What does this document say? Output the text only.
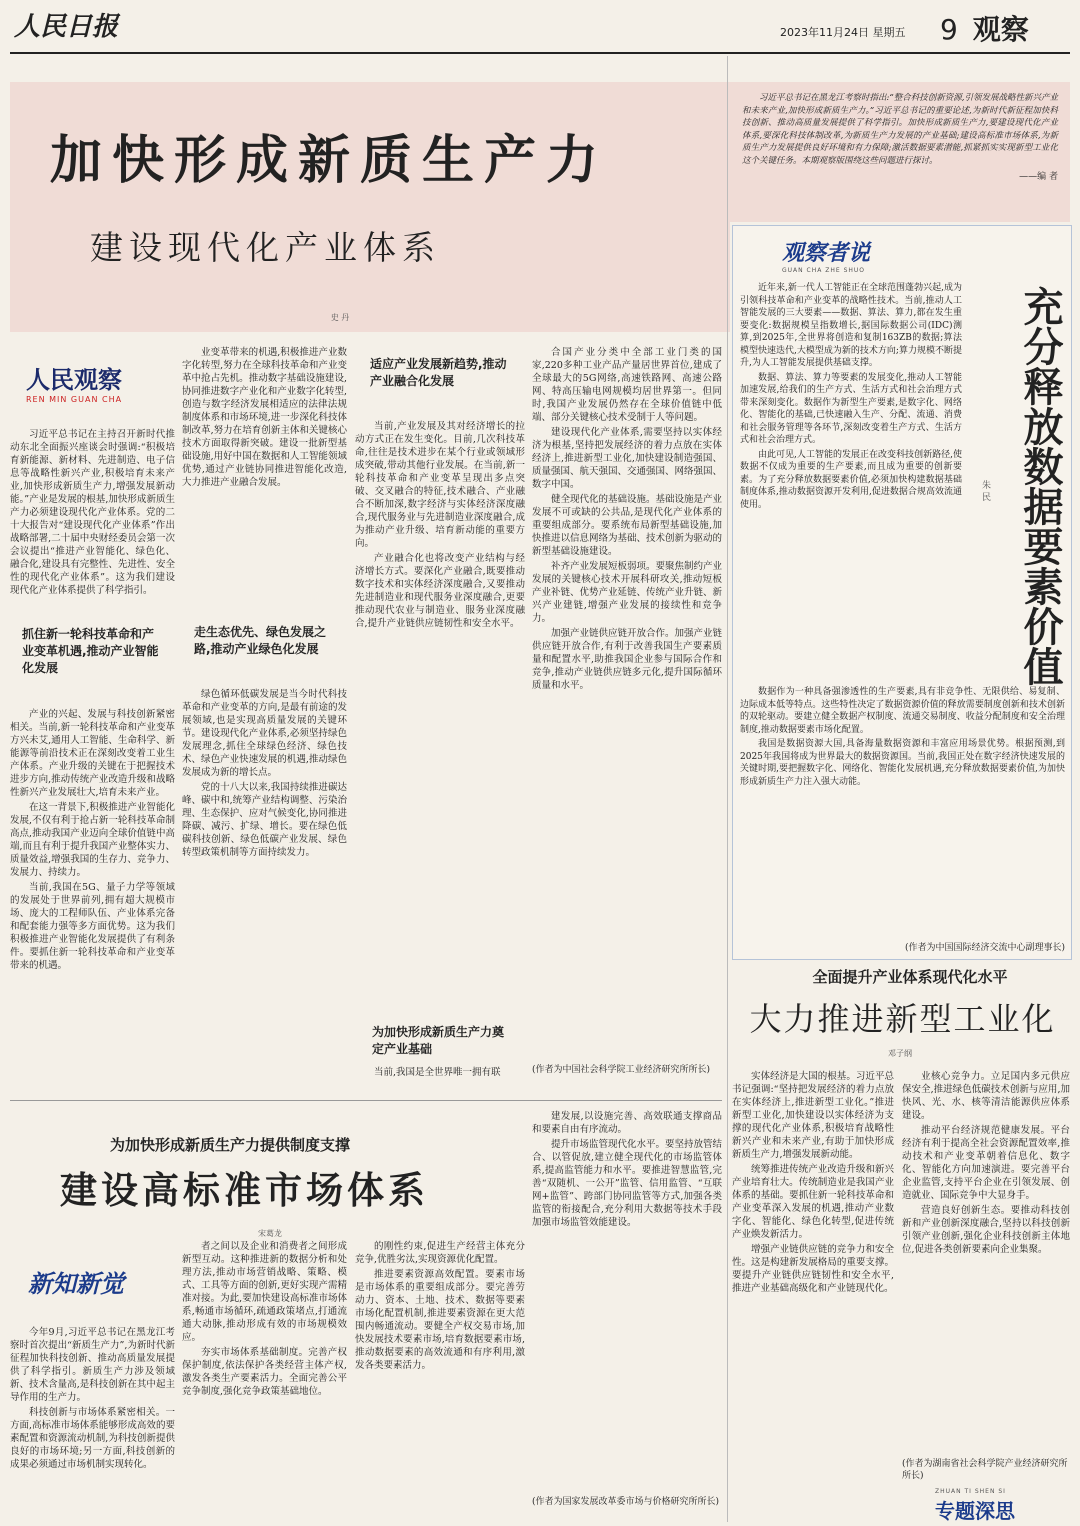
人民日报	2023年11月24日 星期五	9 观察
加快形成新质生产力

习近平总书记在黑龙江考察时指出:“整合科技创新资源,引领发展战略性新兴产业和未来产业,加快形成新质生产力。”习近平总书记的重要论述,为新时代新征程加快科技创新、推动高质量发展提供了科学指引。加快形成新质生产力,要建设现代化产业体系,要深化科技体制改革,为新质生产力发展的产业基础;建设高标准市场体系,为新质生产力发展提供良好环境和有力保障;激活数据要素潜能,抓紧抓实实现新型工业化这个关键任务。本期观察版围绕这些问题进行探讨。

——编 者
建设现代化产业体系
史 丹
人民观察
REN MIN GUAN CHA

习近平总书记在主持召开新时代推动东北全面振兴座谈会时强调:“积极培育新能源、新材料、先进制造、电子信息等战略性新兴产业,积极培育未来产业,加快形成新质生产力,增强发展新动能。”产业是发展的根基,加快形成新质生产力必须建设现代化产业体系。党的二十大报告对“建设现代化产业体系”作出战略部署,二十届中央财经委员会第一次会议提出“推进产业智能化、绿色化、融合化,建设具有完整性、先进性、安全性的现代化产业体系”。这为我们建设现代化产业体系提供了科学指引。

抓住新一轮科技革命和产业变革机遇,推动产业智能化发展

产业的兴起、发展与科技创新紧密相关。当前,新一轮科技革命和产业变革方兴未艾,通用人工智能、生命科学、新能源等前沿技术正在深刻改变着工业生产体系。产业升级的关键在于把握技术进步方向,推动传统产业改造升级和战略性新兴产业发展壮大,培育未来产业。

在这一背景下,积极推进产业智能化发展,不仅有利于抢占新一轮科技革命制高点,推动我国产业迈向全球价值链中高端,而且有利于提升我国产业整体实力、质量效益,增强我国的生存力、竞争力、发展力、持续力。

当前,我国在5G、量子力学等领域的发展处于世界前列,拥有超大规模市场、庞大的工程师队伍、产业体系完备和配套能力强等多方面优势。这为我们积极推进产业智能化发展提供了有利条件。要抓住新一轮科技革命和产业变革带来的机遇。

业变革带来的机遇,积极推进产业数字化转型,努力在全球科技革命和产业变革中抢占先机。推动数字基础设施建设,协同推进数字产业化和产业数字化转型,创造与数字经济发展相适应的法律法规制度体系和市场环境,进一步深化科技体制改革,努力在培育创新主体和关键核心技术方面取得新突破。建设一批新型基础设施,用好中国在数据和人工智能领域优势,通过产业链协同推进智能化改造,大力推进产业融合发展。

走生态优先、绿色发展之路,推动产业绿色化发展

绿色循环低碳发展是当今时代科技革命和产业变革的方向,是最有前途的发展领域,也是实现高质量发展的关键环节。建设现代化产业体系,必须坚持绿色发展理念,抓住全球绿色经济、绿色技术、绿色产业快速发展的机遇,推动绿色发展成为新的增长点。

党的十八大以来,我国持续推进碳达峰、碳中和,统筹产业结构调整、污染治理、生态保护、应对气候变化,协同推进降碳、减污、扩绿、增长。要在绿色低碳科技创新、绿色低碳产业发展、绿色转型政策机制等方面持续发力。

适应产业发展新趋势,推动产业融合化发展

当前,产业发展及其对经济增长的拉动方式正在发生变化。目前,几次科技革命,往往是技术进步在某个行业或领域形成突破,带动其他行业发展。在当前,新一轮科技革命和产业变革呈现出多点突破、交叉融合的特征,技术融合、产业融合不断加深,数字经济与实体经济深度融合,现代服务业与先进制造业深度融合,成为推动产业升级、培育新动能的重要方向。

产业融合化也将改变产业结构与经济增长方式。要深化产业融合,既要推动数字技术和实体经济深度融合,又要推动先进制造业和现代服务业深度融合,更要推动现代农业与制造业、服务业深度融合,提升产业链供应链韧性和安全水平。

为加快形成新质生产力奠定产业基础

当前,我国是全世界唯一拥有联

合国产业分类中全部工业门类的国家,220多种工业产品产量居世界首位,建成了全球最大的5G网络,高速铁路网、高速公路网、特高压输电网规模均居世界第一。但同时,我国产业发展仍然存在全球价值链中低端、部分关键核心技术受制于人等问题。

建设现代化产业体系,需要坚持以实体经济为根基,坚持把发展经济的着力点放在实体经济上,推进新型工业化,加快建设制造强国、质量强国、航天强国、交通强国、网络强国、数字中国。

健全现代化的基础设施。基础设施是产业发展不可或缺的公共品,是现代化产业体系的重要组成部分。要系统布局新型基础设施,加快推进以信息网络为基础、技术创新为驱动的新型基础设施建设。

补齐产业发展短板弱项。要聚焦制约产业发展的关键核心技术开展科研攻关,推动短板产业补链、优势产业延链、传统产业升链、新兴产业建链,增强产业发展的接续性和竞争力。

加强产业链供应链开放合作。加强产业链供应链开放合作,有利于改善我国生产要素质量和配置水平,助推我国企业参与国际合作和竞争,推动产业链供应链多元化,提升国际循环质量和水平。

(作者为中国社会科学院工业经济研究所所长)
观察者说
GUAN CHA ZHE SHUO
充分释放数据要素价值
朱 民

近年来,新一代人工智能正在全球范围蓬勃兴起,成为引领科技革命和产业变革的战略性技术。当前,推动人工智能发展的三大要素——数据、算法、算力,都在发生重要变化:数据规模呈指数增长,据国际数据公司(IDC)测算,到2025年,全世界将创造和复制163ZB的数据;算法模型快速迭代,大模型成为新的技术方向;算力规模不断提升,为人工智能发展提供基础支撑。

数据、算法、算力等要素的发展变化,推动人工智能加速发展,给我们的生产方式、生活方式和社会治理方式带来深刻变化。数据作为新型生产要素,是数字化、网络化、智能化的基础,已快速融入生产、分配、流通、消费和社会服务管理等各环节,深刻改变着生产方式、生活方式和社会治理方式。

由此可见,人工智能的发展正在改变科技创新路径,使数据不仅成为重要的生产要素,而且成为重要的创新要素。为了充分释放数据要素价值,必须加快构建数据基础制度体系,推动数据资源开发利用,促进数据合规高效流通使用。

数据作为一种具备强渗透性的生产要素,具有非竞争性、无限供给、易复制、边际成本低等特点。这些特性决定了数据资源价值的释放需要制度创新和技术创新的双轮驱动。要建立健全数据产权制度、流通交易制度、收益分配制度和安全治理制度,推动数据要素市场化配置。

我国是数据资源大国,具备海量数据资源和丰富应用场景优势。根据预测,到2025年我国将成为世界最大的数据资源国。当前,我国正处在数字经济快速发展的关键时期,要把握数字化、网络化、智能化发展机遇,充分释放数据要素价值,为加快形成新质生产力注入强大动能。

(作者为中国国际经济交流中心副理事长)
全面提升产业体系现代化水平
大力推进新型工业化
邓子纲

实体经济是大国的根基。习近平总书记强调:“坚持把发展经济的着力点放在实体经济上,推进新型工业化。”推进新型工业化,加快建设以实体经济为支撑的现代化产业体系,积极培育战略性新兴产业和未来产业,有助于加快形成新质生产力,增强发展新动能。

统筹推进传统产业改造升级和新兴产业培育壮大。传统制造业是我国产业体系的基础。要抓住新一轮科技革命和产业变革深入发展的机遇,推动产业数字化、智能化、绿色化转型,促进传统产业焕发新活力。

增强产业链供应链的竞争力和安全性。这是构建新发展格局的重要支撑。要提升产业链供应链韧性和安全水平,推进产业基础高级化和产业链现代化。

业核心竞争力。立足国内多元供应保安全,推进绿色低碳技术创新与应用,加快风、光、水、核等清洁能源供应体系建设。

推动平台经济规范健康发展。平台经济有利于提高全社会资源配置效率,推动技术和产业变革朝着信息化、数字化、智能化方向加速演进。要完善平台企业监管,支持平台企业在引领发展、创造就业、国际竞争中大显身手。

营造良好创新生态。要推动科技创新和产业创新深度融合,坚持以科技创新引领产业创新,强化企业科技创新主体地位,促进各类创新要素向企业集聚。

(作者为湖南省社会科学院产业经济研究所所长)
ZHUAN TI SHEN SI
专题深思
为加快形成新质生产力提供制度支撑
建设高标准市场体系
宋葛龙
新知新觉

今年9月,习近平总书记在黑龙江考察时首次提出“新质生产力”,为新时代新征程加快科技创新、推动高质量发展提供了科学指引。新质生产力涉及领域新、技术含量高,是科技创新在其中起主导作用的生产力。

科技创新与市场体系紧密相关。一方面,高标准市场体系能够形成高效的要素配置和资源流动机制,为科技创新提供良好的市场环境;另一方面,科技创新的成果必须通过市场机制实现转化。

者之间以及企业和消费者之间形成新型互动。这种推进新的数据分析和处理方法,推动市场营销战略、策略、模式、工具等方面的创新,更好实现产需精准对接。为此,要加快建设高标准市场体系,畅通市场循环,疏通政策堵点,打通流通大动脉,推动形成有效的市场规模效应。

夯实市场体系基础制度。完善产权保护制度,依法保护各类经营主体产权,激发各类生产要素活力。全面完善公平竞争制度,强化竞争政策基础地位。

的刚性约束,促进生产经营主体充分竞争,优胜劣汰,实现资源优化配置。

推进要素资源高效配置。要素市场是市场体系的重要组成部分。要完善劳动力、资本、土地、技术、数据等要素市场化配置机制,推进要素资源在更大范围内畅通流动。要健全产权交易市场,加快发展技术要素市场,培育数据要素市场,推动数据要素的高效流通和有序利用,激发各类要素活力。

建发展,以设施完善、高效联通支撑商品和要素自由有序流动。

提升市场监管现代化水平。要坚持放管结合、以管促放,建立健全现代化的市场监管体系,提高监管能力和水平。要推进智慧监管,完善“双随机、一公开”监管、信用监管、“互联网+监管”、跨部门协同监管等方式,加强各类监管的衔接配合,充分利用大数据等技术手段加强市场监管效能建设。

(作者为国家发展改革委市场与价格研究所所长)
